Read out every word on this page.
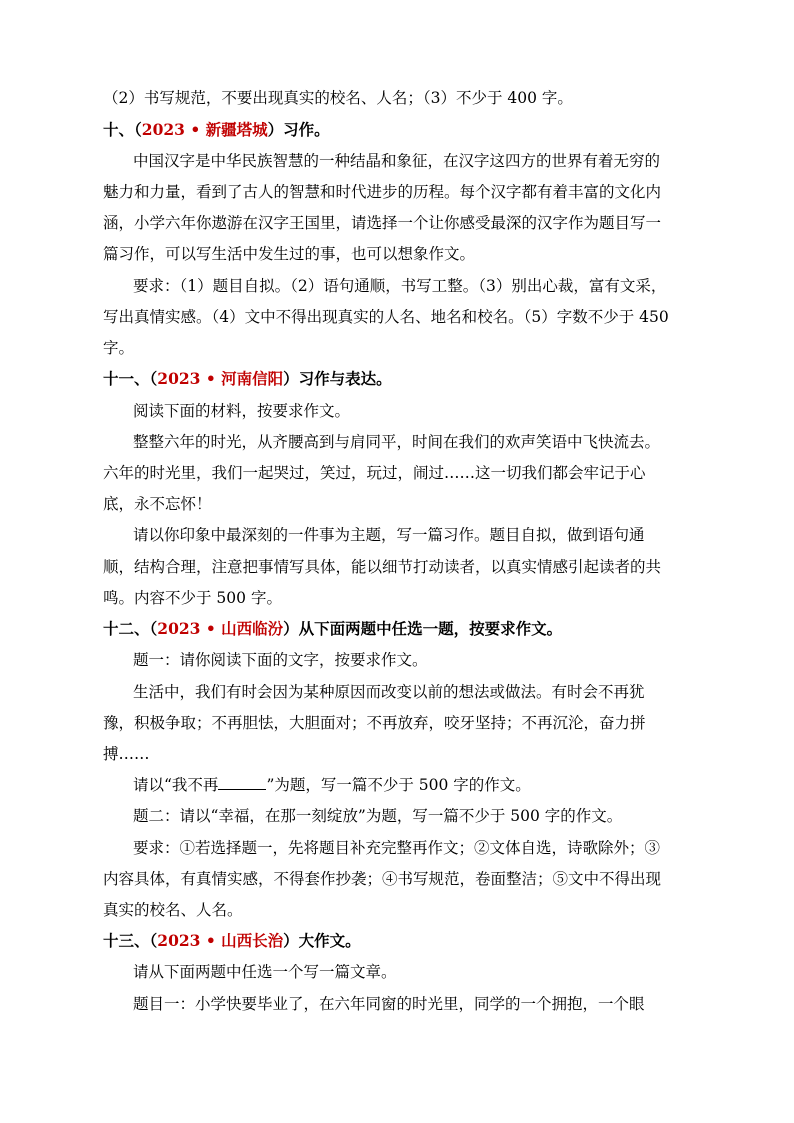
（2）书写规范，不要出现真实的校名、人名；（3）不少于 400 字。
十、（2023 • 新疆塔城）习作。
中国汉字是中华民族智慧的一种结晶和象征，在汉字这四方的世界有着无穷的
魅力和力量，看到了古人的智慧和时代进步的历程。每个汉字都有着丰富的文化内
涵，小学六年你遨游在汉字王国里，请选择一个让你感受最深的汉字作为题目写一
篇习作，可以写生活中发生过的事，也可以想象作文。
要求：（1）题目自拟。（2）语句通顺，书写工整。（3）别出心裁，富有文采，
写出真情实感。（4）文中不得出现真实的人名、地名和校名。（5）字数不少于 450
字。
十一、（2023 • 河南信阳）习作与表达。
阅读下面的材料，按要求作文。
整整六年的时光，从齐腰高到与肩同平，时间在我们的欢声笑语中飞快流去。
六年的时光里，我们一起哭过，笑过，玩过，闹过……这一切我们都会牢记于心
底，永不忘怀！
请以你印象中最深刻的一件事为主题，写一篇习作。题目自拟，做到语句通
顺，结构合理，注意把事情写具体，能以细节打动读者，以真实情感引起读者的共
鸣。内容不少于 500 字。
十二、（2023 • 山西临汾）从下面两题中任选一题，按要求作文。
题一：请你阅读下面的文字，按要求作文。
生活中，我们有时会因为某种原因而改变以前的想法或做法。有时会不再犹
豫，积极争取；不再胆怯，大胆面对；不再放弃，咬牙坚持；不再沉沦，奋力拼
搏……
请以“我不再	”为题，写一篇不少于 500 字的作文。
题二：请以“幸福，在那一刻绽放”为题，写一篇不少于 500 字的作文。
要求：①若选择题一，先将题目补充完整再作文；②文体自选，诗歌除外；③
内容具体，有真情实感，不得套作抄袭；④书写规范，卷面整洁；⑤文中不得出现
真实的校名、人名。
十三、（2023 • 山西长治）大作文。
请从下面两题中任选一个写一篇文章。
题目一：小学快要毕业了，在六年同窗的时光里，同学的一个拥抱，一个眼
